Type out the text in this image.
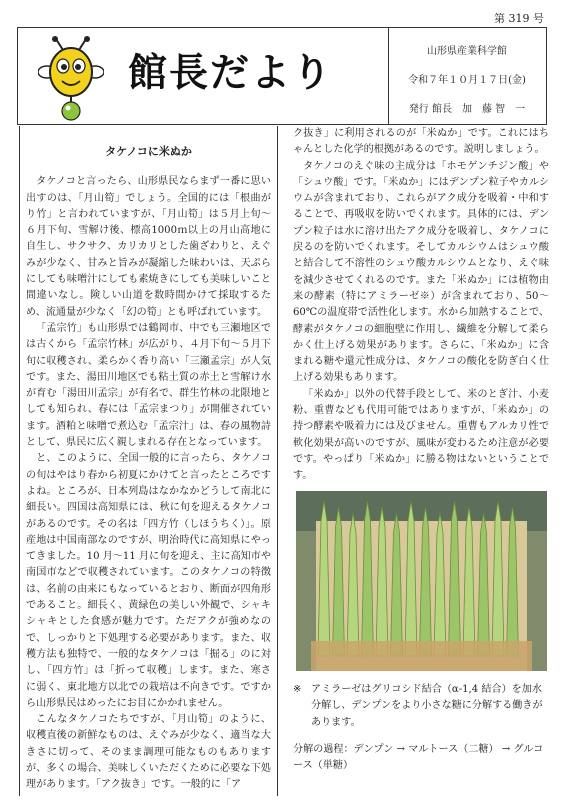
第 319 号
館長だより	山形県産業科学館
令和７年１０月１７日(金)
発行 館長　加　藤 智　一
タケノコに米ぬか

タケノコと言ったら、山形県民ならまず一番に思い出すのは、「月山筍」でしょう。全国的には「根曲がり竹」と言われていますが、「月山筍」は５月上旬〜６月下旬、雪解け後、標高1000ｍ以上の月山高地に自生し、サクサク、カリカリとした歯ざわりと、えぐみが少なく、甘みと旨みが凝縮した味わいは、天ぷらにしても味噌汁にしても素焼きにしても美味しいこと間違いなし。険しい山道を数時間かけて採取するため、流通量が少なく「幻の筍」とも呼ばれています。

「孟宗竹」も山形県では鶴岡市、中でも三瀬地区では古くから「孟宗竹林」が広がり、４月下旬〜５月下旬に収穫され、柔らかく香り高い「三瀬孟宗」が人気です。また、湯田川地区でも粘土質の赤土と雪解け水が育む「湯田川孟宗」が有名で、群生竹林の北限地としても知られ、春には「孟宗まつり」が開催されています。酒粕と味噌で煮込む「孟宗汁」は、春の風物詩として、県民に広く親しまれる存在となっています。

と、このように、全国一般的に言ったら、タケノコの旬はやはり春から初夏にかけてと言ったところですよね。ところが、日本列島はなかなかどうして南北に細長い。四国は高知県には、秋に旬を迎えるタケノコがあるのです。その名は「四方竹（しほうちく）」。原産地は中国南部なのですが、明治時代に高知県にやってきました。10 月〜11 月に旬を迎え、主に高知市や南国市などで収穫されています。このタケノコの特徴は、名前の由来にもなっているとおり、断面が四角形であること。細長く、黄緑色の美しい外観で、シャキシャキとした食感が魅力です。ただアクが強めなので、しっかりと下処理する必要があります。また、収穫方法も独特で、一般的なタケノコは「掘る」のに対し、「四方竹」は「折って収穫」します。また、寒さに弱く、東北地方以北での栽培は不向きです。ですから山形県民はめったにお目にかかれません。

こんなタケノコたちですが、「月山筍」のように、収穫直後の新鮮なものは、えぐみが少なく、適当な大きさに切って、そのまま調理可能なものもありますが、多くの場合、美味しくいただくために必要な下処理があります。「アク抜き」です。一般的に「ア

ク抜き」に利用されるのが「米ぬか」です。これにはちゃんとした化学的根拠があるのです。説明しましょう。

タケノコのえぐ味の主成分は「ホモゲンチジン酸」や「シュウ酸」です。「米ぬか」にはデンプン粒子やカルシウムが含まれており、これらがアク成分を吸着・中和することで、再吸収を防いでくれます。具体的には、デンプン粒子は水に溶け出たアク成分を吸着し、タケノコに戻るのを防いでくれます。そしてカルシウムはシュウ酸と結合して不溶性のシュウ酸カルシウムとなり、えぐ味を減少させてくれるのです。また「米ぬか」には植物由来の酵素（特にアミラーゼ※）が含まれており、50〜60℃の温度帯で活性化します。水から加熱することで、酵素がタケノコの細胞壁に作用し、繊維を分解して柔らかく仕上げる効果があります。さらに、「米ぬか」に含まれる糖や還元性成分は、タケノコの酸化を防ぎ白く仕上げる効果もあります。

「米ぬか」以外の代替手段として、米のとぎ汁、小麦粉、重曹なども代用可能ではありますが、「米ぬか」の持つ酵素や吸着力には及びません。重曹もアルカリ性で軟化効果が高いのですが、風味が変わるため注意が必要です。やっぱり「米ぬか」に勝る物はないということです。

※ アミラーゼはグリコシド結合（α-1,4 結合）を加水分解し、デンプンをより小さな糖に分解する働きがあります。
分解の過程：デンプン → マルトース（二糖） → グルコース（単糖）
